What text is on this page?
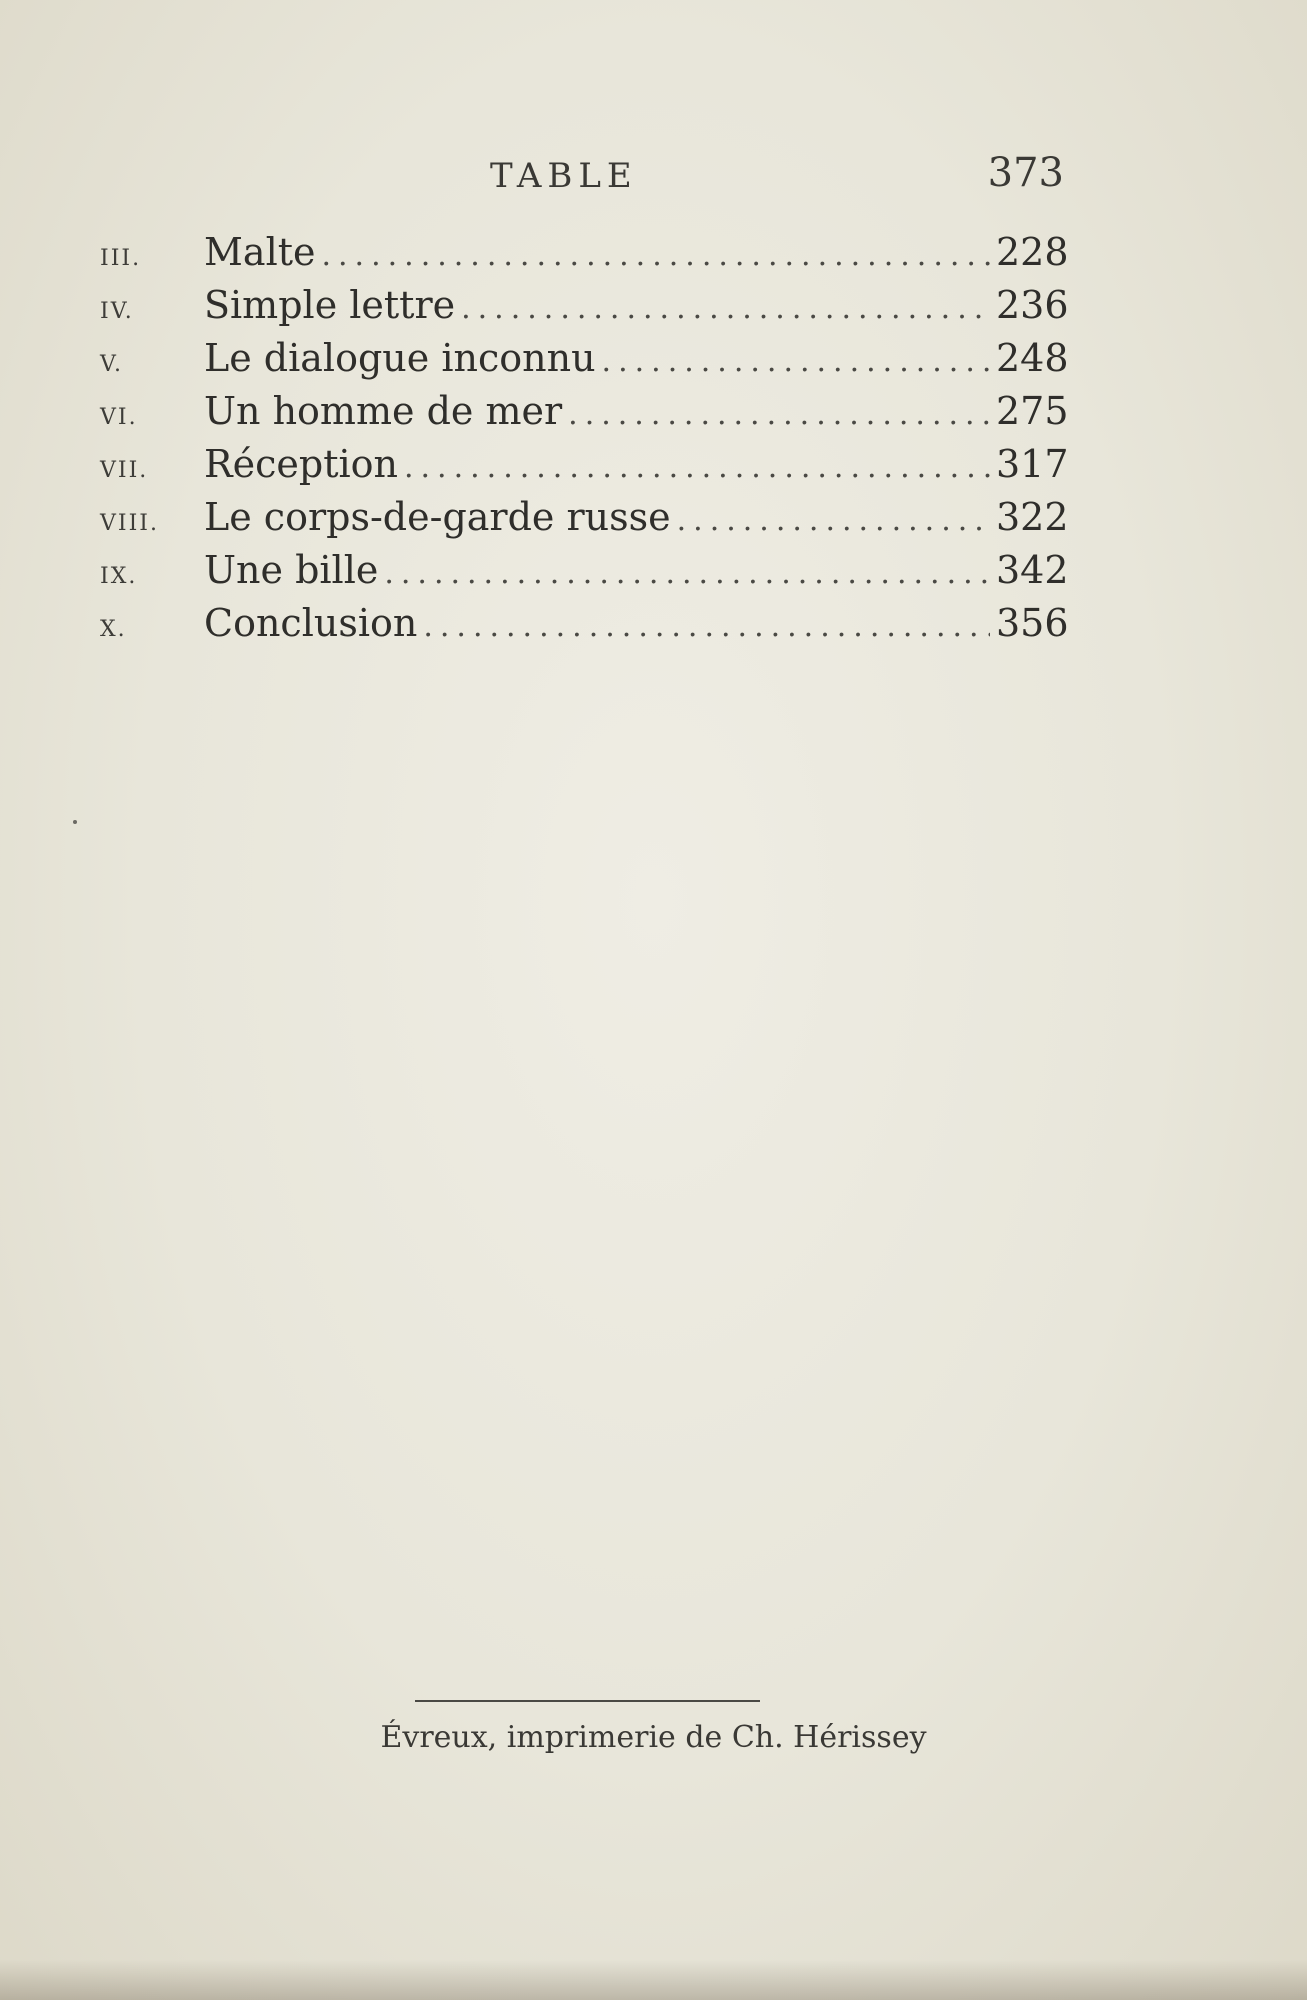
TABLE	373
III.	Malte .....	228
IV.	Simple lettre .....	236
V.	Le dialogue inconnu .....	248
VI.	Un homme de mer .....	275
VII.	Réception .....	317
VIII.	Le corps-de-garde russe .....	322
IX.	Une bille .....	342
X.	Conclusion .....	356
Évreux, imprimerie de Ch. Hérissey
